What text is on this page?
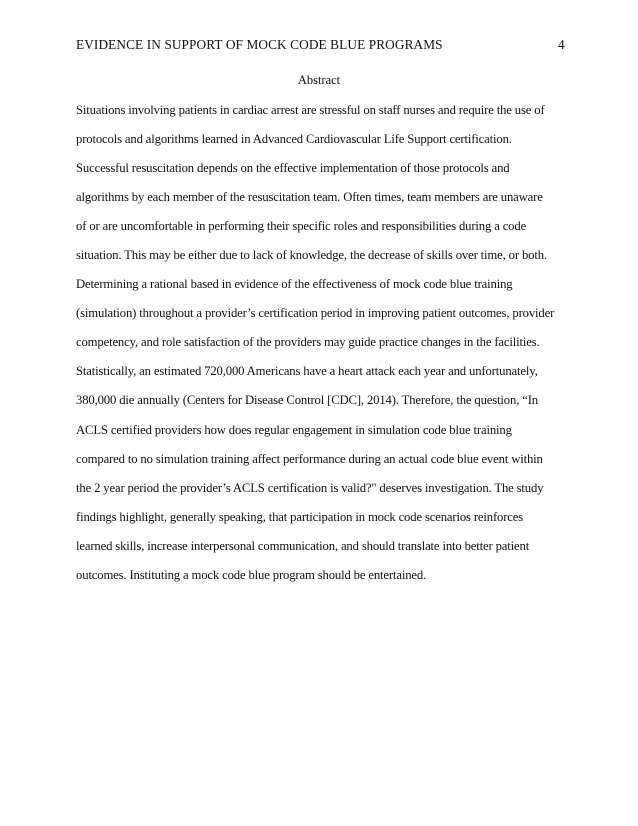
EVIDENCE IN SUPPORT OF MOCK CODE BLUE PROGRAMS	4
Abstract
Situations involving patients in cardiac arrest are stressful on staff nurses and require the use of
protocols and algorithms learned in Advanced Cardiovascular Life Support certification.
Successful resuscitation depends on the effective implementation of those protocols and
algorithms by each member of the resuscitation team. Often times, team members are unaware
of or are uncomfortable in performing their specific roles and responsibilities during a code
situation. This may be either due to lack of knowledge, the decrease of skills over time, or both.
Determining a rational based in evidence of the effectiveness of mock code blue training
(simulation) throughout a provider’s certification period in improving patient outcomes, provider
competency, and role satisfaction of the providers may guide practice changes in the facilities.
Statistically, an estimated 720,000 Americans have a heart attack each year and unfortunately,
380,000 die annually (Centers for Disease Control [CDC], 2014). Therefore, the question, “In
ACLS certified providers how does regular engagement in simulation code blue training
compared to no simulation training affect performance during an actual code blue event within
the 2 year period the provider’s ACLS certification is valid?" deserves investigation. The study
findings highlight, generally speaking, that participation in mock code scenarios reinforces
learned skills, increase interpersonal communication, and should translate into better patient
outcomes. Instituting a mock code blue program should be entertained.
